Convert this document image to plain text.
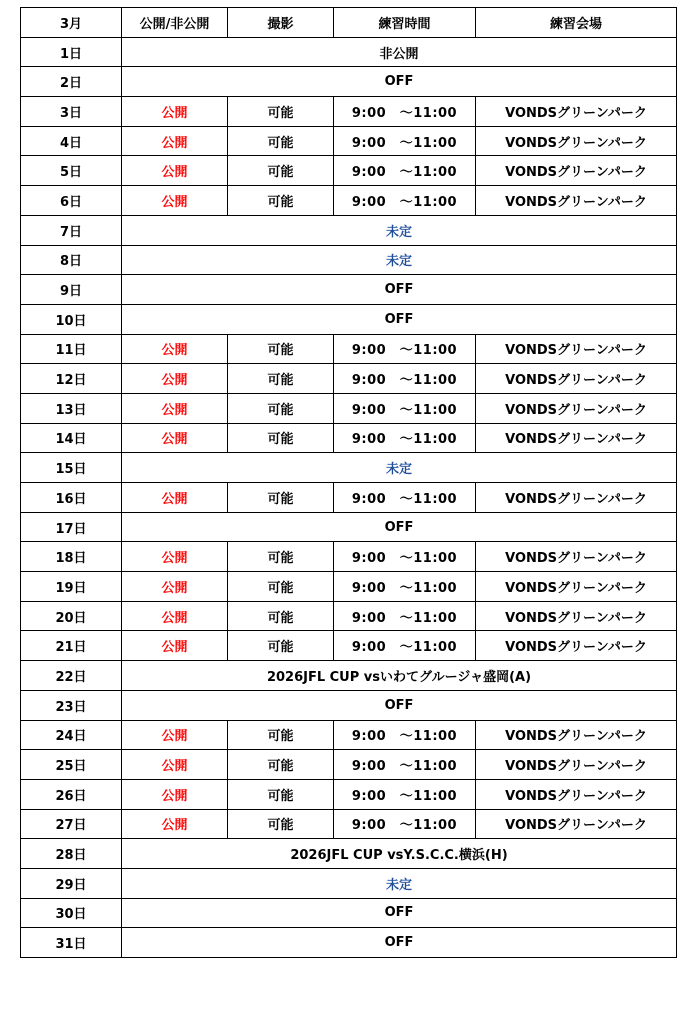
3月	公開/非公開	撮影	練習時間	練習会場
1日	非公開			
2日	OFF			
3日	公開	可能	9:00　～11:00	VONDSグリーンパーク
4日	公開	可能	9:00　～11:00	VONDSグリーンパーク
5日	公開	可能	9:00　～11:00	VONDSグリーンパーク
6日	公開	可能	9:00　～11:00	VONDSグリーンパーク
7日	未定			
8日	未定			
9日	OFF			
10日	OFF			
11日	公開	可能	9:00　～11:00	VONDSグリーンパーク
12日	公開	可能	9:00　～11:00	VONDSグリーンパーク
13日	公開	可能	9:00　～11:00	VONDSグリーンパーク
14日	公開	可能	9:00　～11:00	VONDSグリーンパーク
15日	未定			
16日	公開	可能	9:00　～11:00	VONDSグリーンパーク
17日	OFF			
18日	公開	可能	9:00　～11:00	VONDSグリーンパーク
19日	公開	可能	9:00　～11:00	VONDSグリーンパーク
20日	公開	可能	9:00　～11:00	VONDSグリーンパーク
21日	公開	可能	9:00　～11:00	VONDSグリーンパーク
22日	2026JFL CUP vsいわてグルージャ盛岡(A)			
23日	OFF			
24日	公開	可能	9:00　～11:00	VONDSグリーンパーク
25日	公開	可能	9:00　～11:00	VONDSグリーンパーク
26日	公開	可能	9:00　～11:00	VONDSグリーンパーク
27日	公開	可能	9:00　～11:00	VONDSグリーンパーク
28日	2026JFL CUP vsY.S.C.C.横浜(H)			
29日	未定			
30日	OFF			
31日	OFF			
